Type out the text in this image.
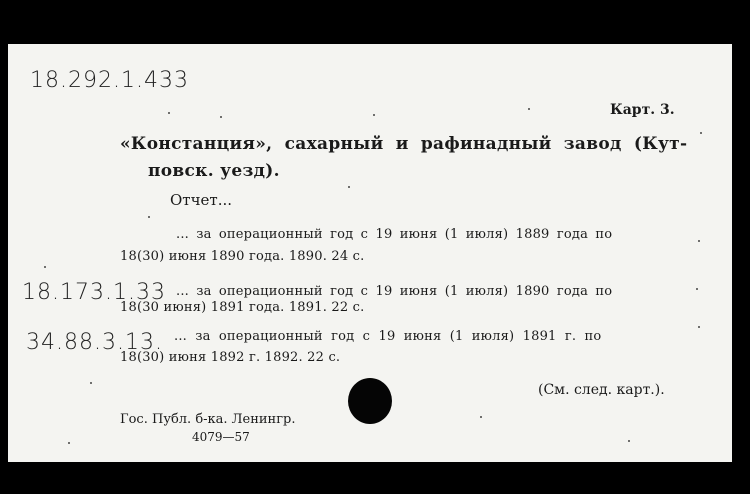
18.292.1.433
Карт. 3.
«Констанция», сахарный и рафинадный завод (Кут-
повск. уезд).
Отчет...
... за операционный год с 19 июня (1 июля) 1889 года по
18(30) июня 1890 года. 1890. 24 с.
18.173.1.33 ... за операционный год с 19 июня (1 июля) 1890 года по
18(30 июня) 1891 года. 1891. 22 с.
34.88.3.13. ... за операционный год с 19 июня (1 июля) 1891 г. по
18(30) июня 1892 г. 1892. 22 с.
(См. след. карт.).
Гос. Публ. б-ка. Ленингр.
4079—57
